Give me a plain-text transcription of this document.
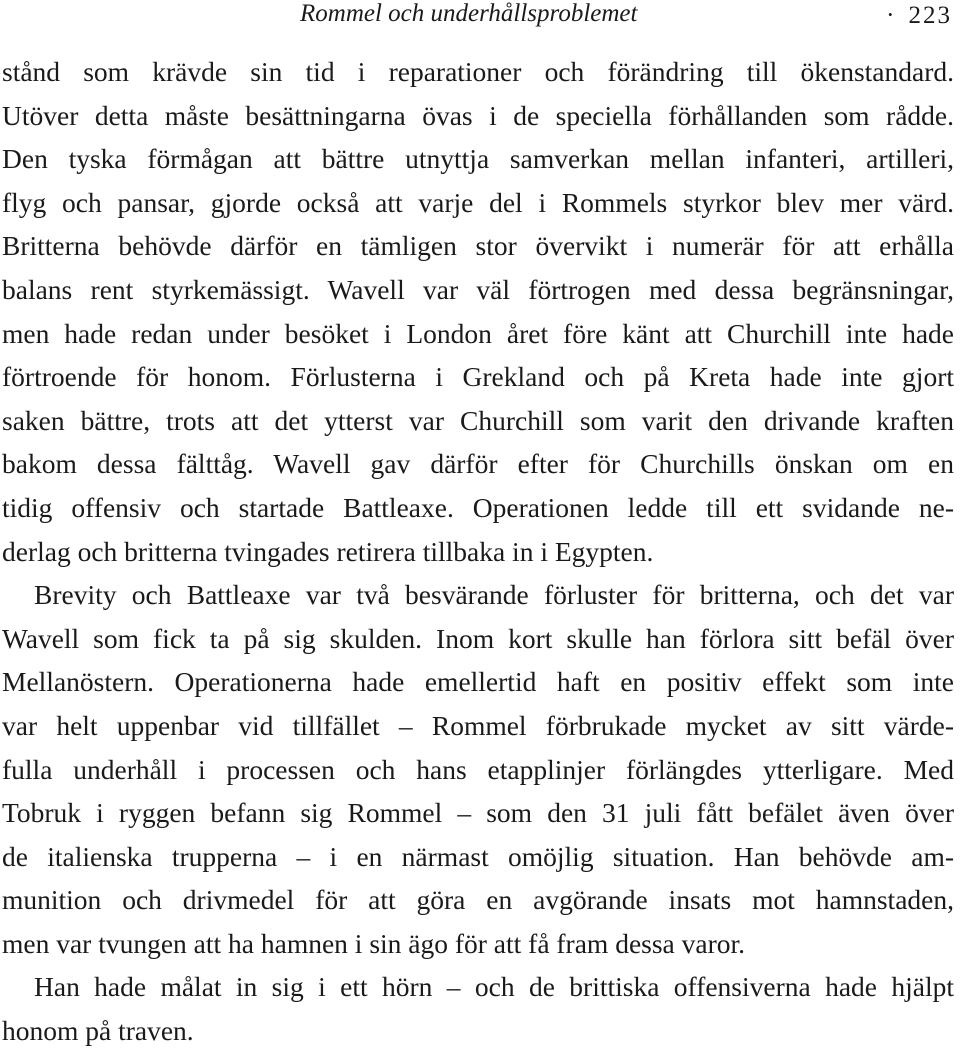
Rommel och underhållsproblemet	· 223
stånd som krävde sin tid i reparationer och förändring till ökenstandard.
Utöver detta måste besättningarna övas i de speciella förhållanden som rådde.
Den tyska förmågan att bättre utnyttja samverkan mellan infanteri, artilleri,
flyg och pansar, gjorde också att varje del i Rommels styrkor blev mer värd.
Britterna behövde därför en tämligen stor övervikt i numerär för att erhålla
balans rent styrkemässigt. Wavell var väl förtrogen med dessa begränsningar,
men hade redan under besöket i London året före känt att Churchill inte hade
förtroende för honom. Förlusterna i Grekland och på Kreta hade inte gjort
saken bättre, trots att det ytterst var Churchill som varit den drivande kraften
bakom dessa fälttåg. Wavell gav därför efter för Churchills önskan om en
tidig offensiv och startade Battleaxe. Operationen ledde till ett svidande ne-
derlag och britterna tvingades retirera tillbaka in i Egypten.
Brevity och Battleaxe var två besvärande förluster för britterna, och det var
Wavell som fick ta på sig skulden. Inom kort skulle han förlora sitt befäl över
Mellanöstern. Operationerna hade emellertid haft en positiv effekt som inte
var helt uppenbar vid tillfället – Rommel förbrukade mycket av sitt värde-
fulla underhåll i processen och hans etapplinjer förlängdes ytterligare. Med
Tobruk i ryggen befann sig Rommel – som den 31 juli fått befälet även över
de italienska trupperna – i en närmast omöjlig situation. Han behövde am-
munition och drivmedel för att göra en avgörande insats mot hamnstaden,
men var tvungen att ha hamnen i sin ägo för att få fram dessa varor.
Han hade målat in sig i ett hörn – och de brittiska offensiverna hade hjälpt
honom på traven.
